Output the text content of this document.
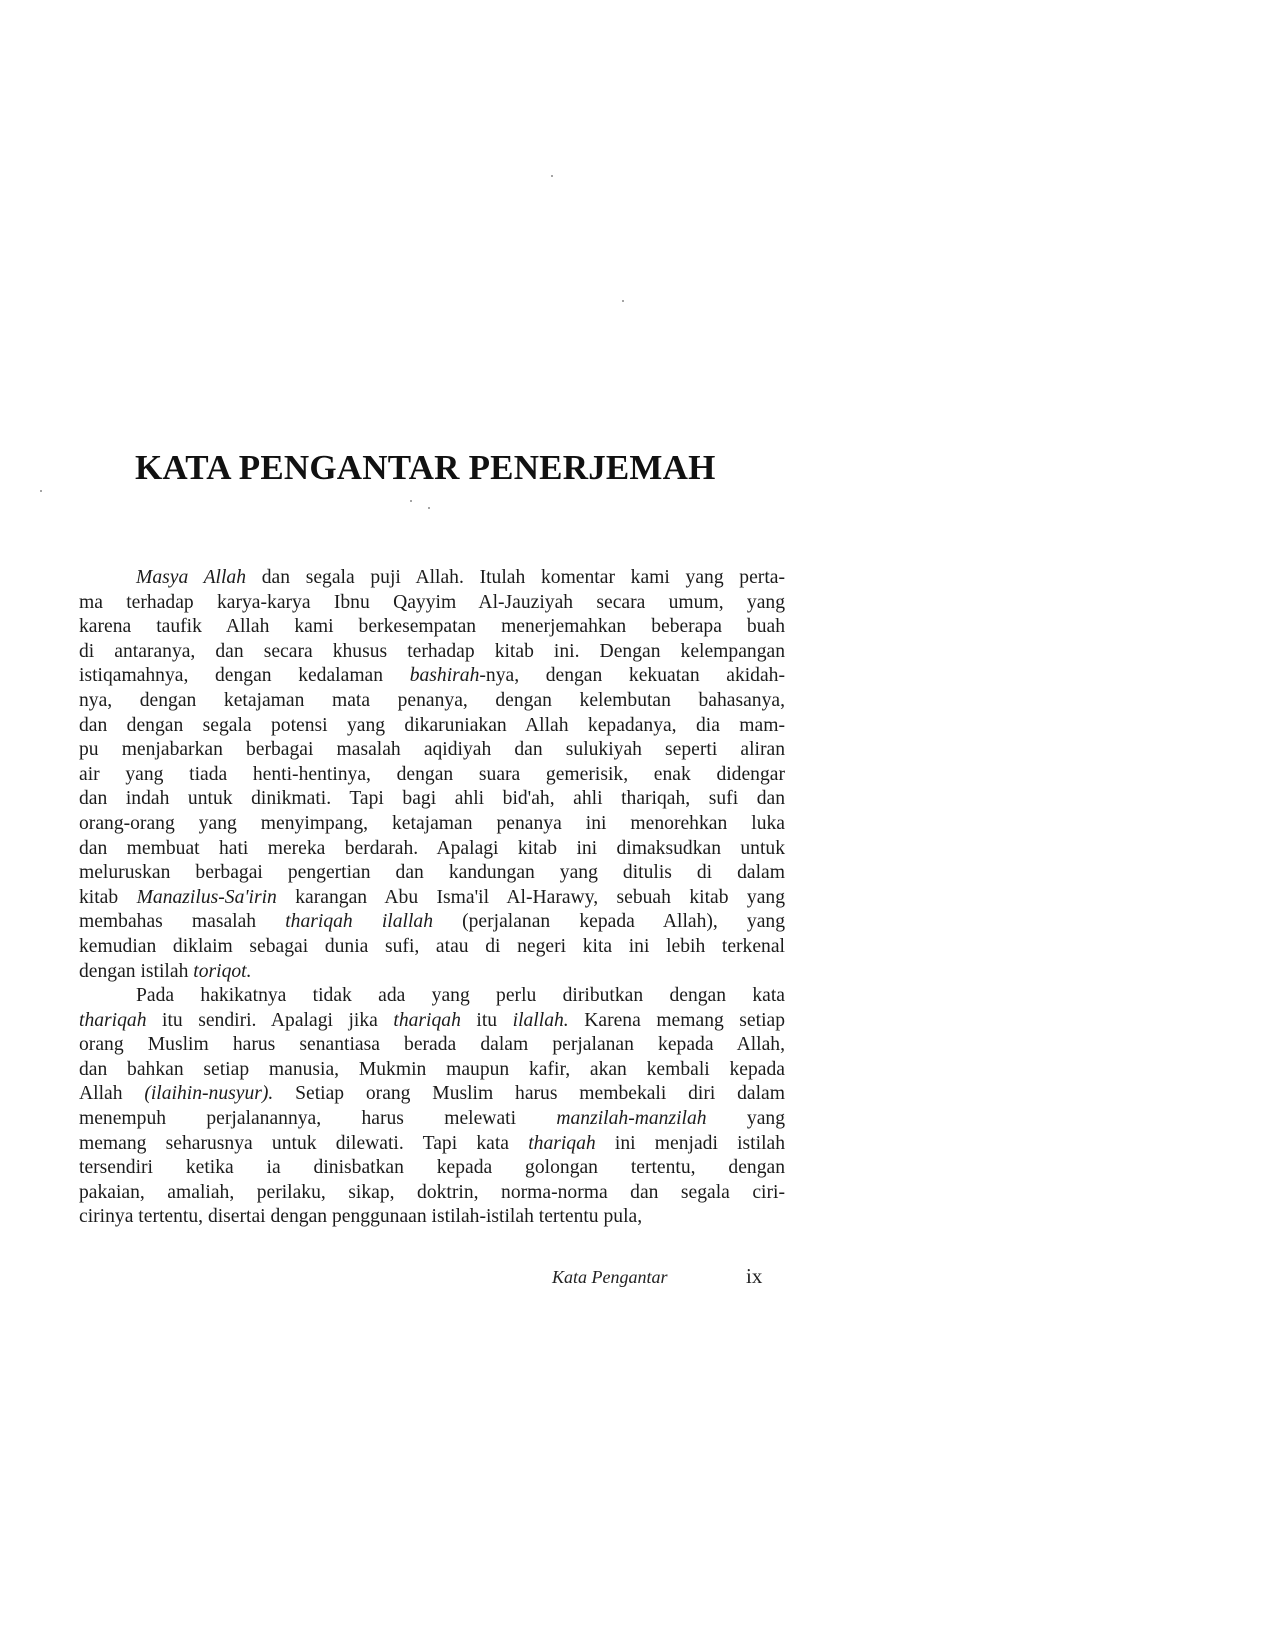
KATA PENGANTAR PENERJEMAH
Masya Allah dan segala puji Allah. Itulah komentar kami yang perta-
ma terhadap karya-karya Ibnu Qayyim Al-Jauziyah secara umum, yang
karena taufik Allah kami berkesempatan menerjemahkan beberapa buah
di antaranya, dan secara khusus terhadap kitab ini. Dengan kelempangan
istiqamahnya, dengan kedalaman bashirah-nya, dengan kekuatan akidah-
nya, dengan ketajaman mata penanya, dengan kelembutan bahasanya,
dan dengan segala potensi yang dikaruniakan Allah kepadanya, dia mam-
pu menjabarkan berbagai masalah aqidiyah dan sulukiyah seperti aliran
air yang tiada henti-hentinya, dengan suara gemerisik, enak didengar
dan indah untuk dinikmati. Tapi bagi ahli bid'ah, ahli thariqah, sufi dan
orang-orang yang menyimpang, ketajaman penanya ini menorehkan luka
dan membuat hati mereka berdarah. Apalagi kitab ini dimaksudkan untuk
meluruskan berbagai pengertian dan kandungan yang ditulis di dalam
kitab Manazilus-Sa'irin karangan Abu Isma'il Al-Harawy, sebuah kitab yang
membahas masalah thariqah ilallah (perjalanan kepada Allah), yang
kemudian diklaim sebagai dunia sufi, atau di negeri kita ini lebih terkenal
dengan istilah toriqot.
Pada hakikatnya tidak ada yang perlu diributkan dengan kata
thariqah itu sendiri. Apalagi jika thariqah itu ilallah. Karena memang setiap
orang Muslim harus senantiasa berada dalam perjalanan kepada Allah,
dan bahkan setiap manusia, Mukmin maupun kafir, akan kembali kepada
Allah (ilaihin-nusyur). Setiap orang Muslim harus membekali diri dalam
menempuh perjalanannya, harus melewati manzilah-manzilah yang
memang seharusnya untuk dilewati. Tapi kata thariqah ini menjadi istilah
tersendiri ketika ia dinisbatkan kepada golongan tertentu, dengan
pakaian, amaliah, perilaku, sikap, doktrin, norma-norma dan segala ciri-
cirinya tertentu, disertai dengan penggunaan istilah-istilah tertentu pula,
Kata Pengantar	ix
